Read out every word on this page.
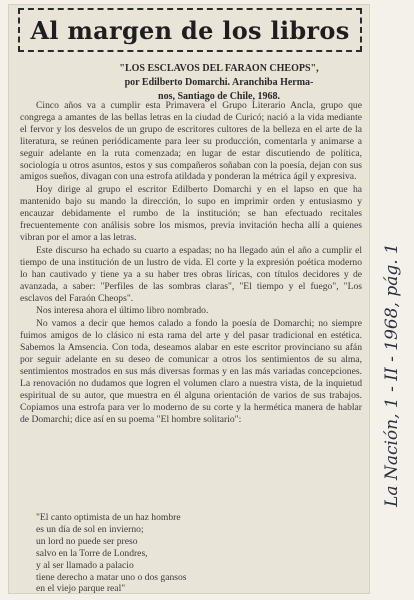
Al margen de los libros
"LOS ESCLAVOS DEL FARAON CHEOPS",
por Edilberto Domarchi. Aranchiba Herma-
nos, Santiago de Chile, 1968.

Cinco años va a cumplir esta Primavera el Grupo Literario Ancla, grupo que congrega a amantes de las bellas letras en la ciudad de Curicó; nació a la vida mediante el fervor y los desvelos de un grupo de escritores cultores de la belleza en el arte de la literatura, se reúnen periódicamente para leer su producción, comentarla y animarse a seguir adelante en la ruta comenzada; en lugar de estar discutiendo de política, sociología u otros asuntos, estos y sus compañeros soñaban con la poesía, dejan con sus amigos sueños, divagan con una estrofa atildada y ponderan la métrica ágil y expresiva.

Hoy dirige al grupo el escritor Edilberto Domarchi y en el lapso en que ha mantenido bajo su mando la dirección, lo supo en imprimir orden y entusiasmo y encauzar debidamente el rumbo de la institución; se han efectuado recitales frecuentemente con análisis sobre los mismos, previa invitación hecha allí a quienes vibran por el amor a las letras.

Este discurso ha echado su cuarto a espadas; no ha llegado aún el año a cumplir el tiempo de una institución de un lustro de vida. El corte y la expresión poética moderno lo han cautivado y tiene ya a su haber tres obras líricas, con títulos decidores y de avanzada, a saber: "Perfiles de las sombras claras", "El tiempo y el fuego", "Los esclavos del Faraón Cheops".

Nos interesa ahora el último libro nombrado.

No vamos a decir que hemos calado a fondo la poesía de Domarchi; no siempre fuimos amigos de lo clásico ni esta rama del arte y del pasar tradicional en estética. Sabemos la Amsencia. Con toda, deseamos alabar en este escritor provinciano su afán por seguir adelante en su deseo de comunicar a otros los sentimientos de su alma, sentimientos mostrados en sus más diversas formas y en las más variadas concepciones. La renovación no dudamos que logren el volumen claro a nuestra vista, de la inquietud espiritual de su autor, que muestra en él alguna orientación de varios de sus trabajos. Copiamos una estrofa para ver lo moderno de su corte y la hermética manera de hablar de Domarchi; dice así en su poema "El hombre solitario":

"El canto optimista de un haz hombre
es un día de sol en invierno;
un lord no puede ser preso
salvo en la Torre de Londres,
y al ser llamado a palacio
tiene derecho a matar uno o dos gansos
en el viejo parque real"
La Nación, 1 - II - 1968, pág. 1
